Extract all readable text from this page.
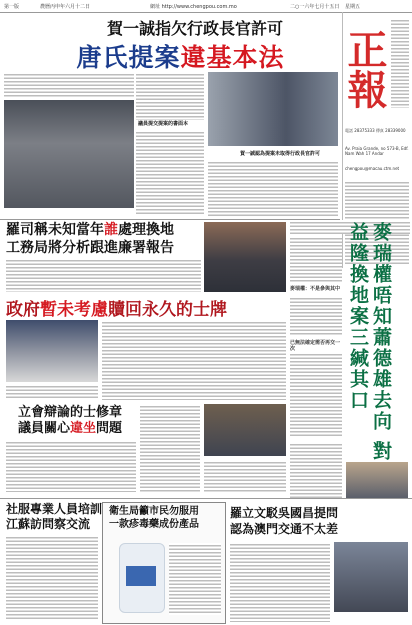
第一版	農曆丙申年六月十二日	網址 http://www.chengpou.com.mo	二○一六年七月十五日 星期五
賀一誠指欠行政長官許可
唐氏提案違基本法	正報
電話 28375333 傳真 28339000
Av. Praia Grande, no 573-B, Edf. Nam Wah 17 Andar
chengpou@macau.ctm.net
議員提交提案的書面本
賀一誠認為提案未取得行政長官許可
羅司稱未知當年誰處理換地
工務局將分析跟進廉署報告
政府暫未考慮贖回永久的士牌
立會辯論的士修章
議員關心違坐問題	麥瑞權唔知蕭德雄去向 對益隆換地案三緘其口
麥瑞權：不是參與其中
已無法確定需否再交一次
社服專業人員培訓
江蘇訪問察交流
衛生局籲市民勿服用
一款疹毒藥成份產品
羅立文駁吳國昌提問
認為澳門交通不太差
